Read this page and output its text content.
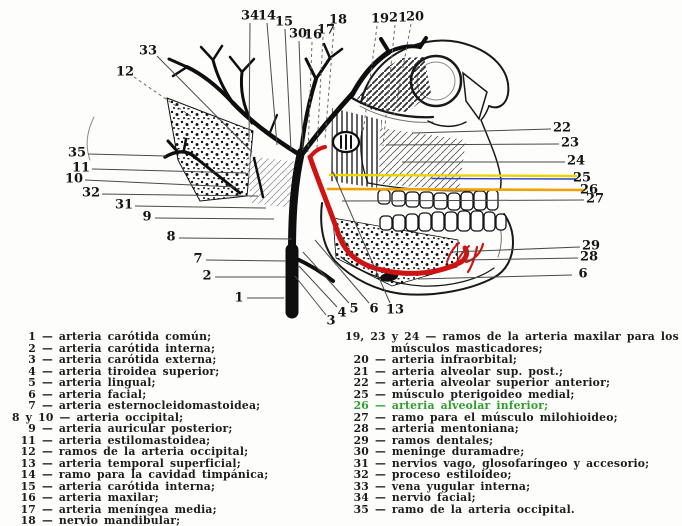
34
14
15
30
16
17
18 19 21
20
33
12
35
11
10
32
31
9
8
7
2
1
3
4 5 6 13
22
23
24
25
26
27
29
28
6
1 — arteria carótida común;
2 — arteria carótida interna;
3 — arteria carótida externa;
4 — arteria tiroidea superior;
5 — arteria lingual;
6 — arteria facial;
7 — arteria esternocleidomastoidea;
8 y 10 — arteria occipital;
9 — arteria auricular posterior;
11 — arteria estilomastoidea;
12 — ramos de la arteria occipital;
13 — arteria temporal superficial;
14 — ramo para la cavidad timpánica;
15 — arteria carótida interna;
16 — arteria maxilar;
17 — arteria meníngea media;
18 — nervio mandibular;
19, 23 y 24 — ramos de la arteria maxilar para los músculos masticadores;
20 — arteria infraorbital;
21 — arteria alveolar sup. post.;
22 — arteria alveolar superior anterior;
25 — músculo pterigoideo medial;
26 — arteria alveolar inferior;
27 — ramo para el músculo milohioideo;
28 — arteria mentoniana;
29 — ramos dentales;
30 — meninge duramadre;
31 — nervios vago, glosofaríngeo y accesorio;
32 — proceso estiloideo;
33 — vena yugular interna;
34 — nervio facial;
35 — ramo de la arteria occipital.
